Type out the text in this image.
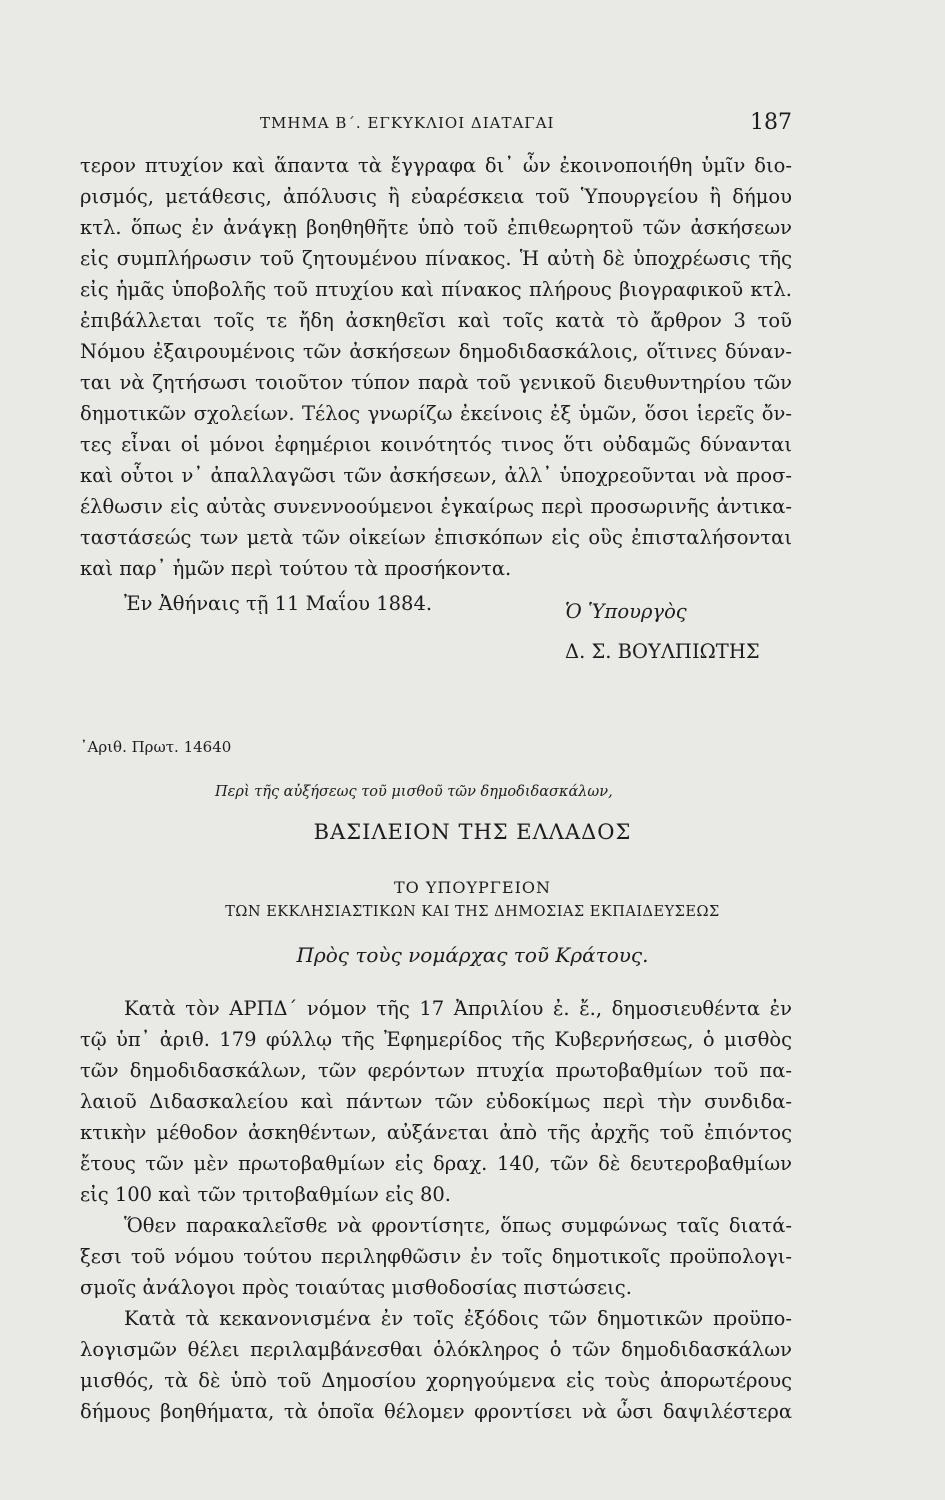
ΤΜΗΜΑ Β΄. ΕΓΚΥΚΛΙΟΙ ΔΙΑΤΑΓΑΙ	187
τερον πτυχίον καὶ ἅπαντα τὰ ἔγγραφα δι᾽ ὧν ἐκοινοποιήθη ὑμῖν διο-
ρισμός, μετάθεσις, ἀπόλυσις ἢ εὐαρέσκεια τοῦ Ὑπουργείου ἢ δήμου
κτλ. ὅπως ἐν ἀνάγκῃ βοηθηθῆτε ὑπὸ τοῦ ἐπιθεωρητοῦ τῶν ἀσκήσεων
εἰς συμπλήρωσιν τοῦ ζητουμένου πίνακος. Ἡ αὐτὴ δὲ ὑποχρέωσις τῆς
εἰς ἡμᾶς ὑποβολῆς τοῦ πτυχίου καὶ πίνακος πλήρους βιογραφικοῦ κτλ.
ἐπιβάλλεται τοῖς τε ἤδη ἀσκηθεῖσι καὶ τοῖς κατὰ τὸ ἄρθρον 3 τοῦ
Νόμου ἐξαιρουμένοις τῶν ἀσκήσεων δημοδιδασκάλοις, οἵτινες δύναν-
ται νὰ ζητήσωσι τοιοῦτον τύπον παρὰ τοῦ γενικοῦ διευθυντηρίου τῶν
δημοτικῶν σχολείων. Τέλος γνωρίζω ἐκείνοις ἐξ ὑμῶν, ὅσοι ἱερεῖς ὄν-
τες εἶναι οἱ μόνοι ἐφημέριοι κοινότητός τινος ὅτι οὐδαμῶς δύνανται
καὶ οὗτοι ν᾽ ἀπαλλαγῶσι τῶν ἀσκήσεων, ἀλλ᾽ ὑποχρεοῦνται νὰ προσ-
έλθωσιν εἰς αὐτὰς συνεννοούμενοι ἐγκαίρως περὶ προσωρινῆς ἀντικα-
ταστάσεώς των μετὰ τῶν οἰκείων ἐπισκόπων εἰς οὓς ἐπισταλήσονται
καὶ παρ᾽ ἡμῶν περὶ τούτου τὰ προσήκοντα.
Ἐν Ἀθήναις τῇ 11 Μαΐου 1884.	Ὁ Ὑπουργὸς
Δ. Σ. ΒΟΥΛΠΙΩΤΗΣ
᾽Αριθ. Πρωτ. 14640
Περὶ τῆς αὐξήσεως τοῦ μισθοῦ τῶν δημοδιδασκάλων,
ΒΑΣΙΛΕΙΟΝ ΤΗΣ ΕΛΛΑΔΟΣ
ΤΟ ΥΠΟΥΡΓΕΙΟΝ
ΤΩΝ ΕΚΚΛΗΣΙΑΣΤΙΚΩΝ ΚΑΙ ΤΗΣ ΔΗΜΟΣΙΑΣ ΕΚΠΑΙΔΕΥΣΕΩΣ
Πρὸς τοὺς νομάρχας τοῦ Κράτους.
Κατὰ τὸν ΑΡΠΔ΄ νόμον τῆς 17 Ἀπριλίου ἐ. ἔ., δημοσιευθέντα ἐν
τῷ ὑπ᾽ ἀριθ. 179 φύλλῳ τῆς Ἐφημερίδος τῆς Κυβερνήσεως, ὁ μισθὸς
τῶν δημοδιδασκάλων, τῶν φερόντων πτυχία πρωτοβαθμίων τοῦ πα-
λαιοῦ Διδασκαλείου καὶ πάντων τῶν εὐδοκίμως περὶ τὴν συνδιδα-
κτικὴν μέθοδον ἀσκηθέντων, αὐξάνεται ἀπὸ τῆς ἀρχῆς τοῦ ἐπιόντος
ἔτους τῶν μὲν πρωτοβαθμίων εἰς δραχ. 140, τῶν δὲ δευτεροβαθμίων
εἰς 100 καὶ τῶν τριτοβαθμίων εἰς 80.
Ὅθεν παρακαλεῖσθε νὰ φροντίσητε, ὅπως συμφώνως ταῖς διατά-
ξεσι τοῦ νόμου τούτου περιληφθῶσιν ἐν τοῖς δημοτικοῖς προϋπολογι-
σμοῖς ἀνάλογοι πρὸς τοιαύτας μισθοδοσίας πιστώσεις.
Κατὰ τὰ κεκανονισμένα ἐν τοῖς ἐξόδοις τῶν δημοτικῶν προϋπο-
λογισμῶν θέλει περιλαμβάνεσθαι ὁλόκληρος ὁ τῶν δημοδιδασκάλων
μισθός, τὰ δὲ ὑπὸ τοῦ Δημοσίου χορηγούμενα εἰς τοὺς ἀπορωτέρους
δήμους βοηθήματα, τὰ ὁποῖα θέλομεν φροντίσει νὰ ὦσι δαψιλέστερα
